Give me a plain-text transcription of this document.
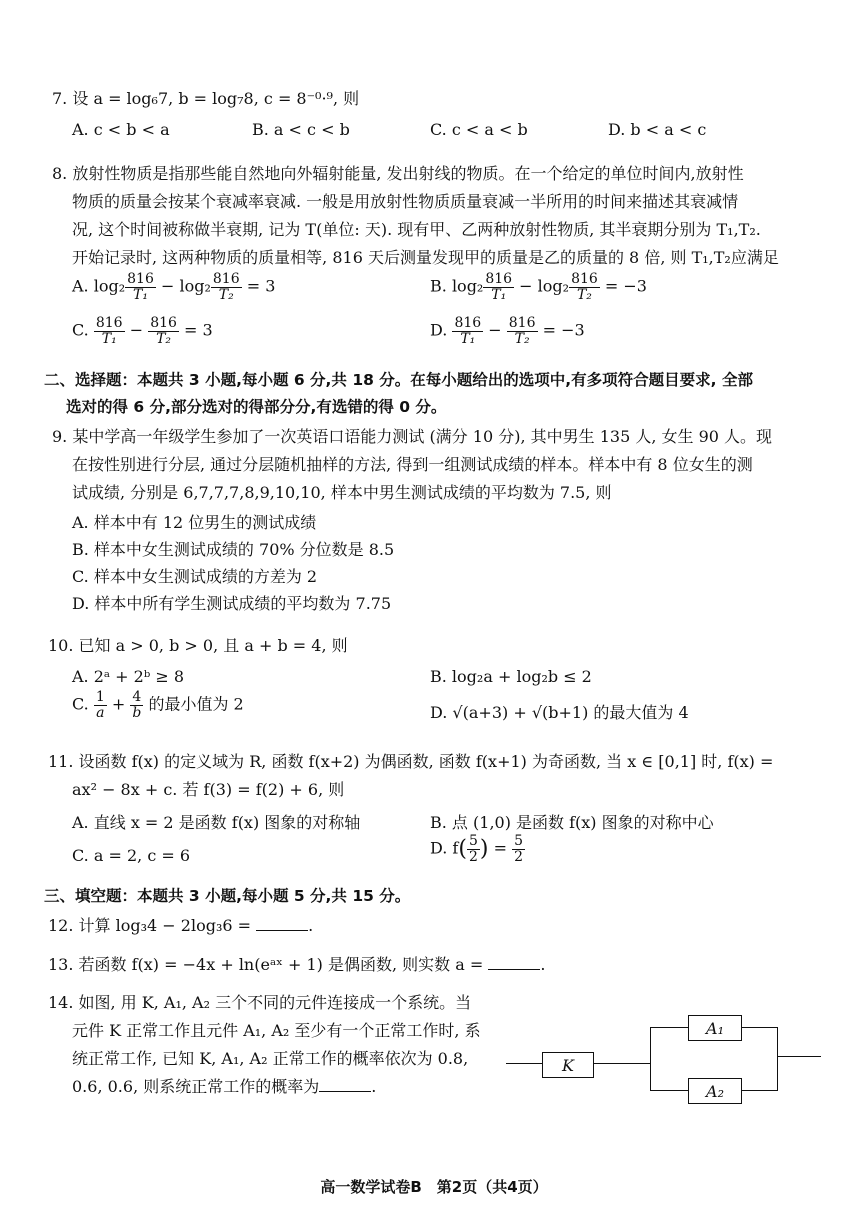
7. 设 a = log₆7, b = log₇8, c = 8⁻⁰·⁹, 则
A. c < b < a	B. a < c < b	C. c < a < b	D. b < a < c
8. 放射性物质是指那些能自然地向外辐射能量, 发出射线的物质。在一个给定的单位时间内,放射性
物质的质量会按某个衰减率衰减. 一般是用放射性物质质量衰减一半所用的时间来描述其衰减情
况, 这个时间被称做半衰期, 记为 T(单位: 天). 现有甲、乙两种放射性物质, 其半衰期分别为 T₁,T₂.
开始记录时, 这两种物质的质量相等, 816 天后测量发现甲的质量是乙的质量的 8 倍, 则 T₁,T₂应满足
A. $\log_2 \frac{816}{\text{T₁}} - \log_2 \frac{816}{\text{T₂}} = 3$	B. $\log_2 \frac{816}{\text{T₁}} - \log_2 \frac{816}{\text{T₂}} = -3$
C. $\frac{816}{\text{T₁}} - \frac{816}{\text{T₂}} = 3$	D. $\frac{816}{\text{T₁}} - \frac{816}{\text{T₂}} = -3$
二、选择题：本题共 3 小题,每小题 6 分,共 18 分。在每小题给出的选项中,有多项符合题目要求, 全部
选对的得 6 分,部分选对的得部分分,有选错的得 0 分。
9. 某中学高一年级学生参加了一次英语口语能力测试 (满分 10 分), 其中男生 135 人, 女生 90 人。现
在按性别进行分层, 通过分层随机抽样的方法, 得到一组测试成绩的样本。样本中有 8 位女生的测
试成绩, 分别是 6,7,7,7,8,9,10,10, 样本中男生测试成绩的平均数为 7.5, 则
A. 样本中有 12 位男生的测试成绩
B. 样本中女生测试成绩的 70% 分位数是 8.5
C. 样本中女生测试成绩的方差为 2
D. 样本中所有学生测试成绩的平均数为 7.75
10. 已知 a > 0, b > 0, 且 a + b = 4, 则
A. 2ᵃ + 2ᵇ ≥ 8	B. log₂a + log₂b ≤ 2
C. $\frac{1}{a} + \frac{4}{b}$ 的最小值为 2	D. √(a+3) + √(b+1) 的最大值为 4
11. 设函数 f(x) 的定义域为 R, 函数 f(x+2) 为偶函数, 函数 f(x+1) 为奇函数, 当 x ∈ [0,1] 时, f(x) =
ax² − 8x + c. 若 f(3) = f(2) + 6, 则
A. 直线 x = 2 是函数 f(x) 图象的对称轴	B. 点 (1,0) 是函数 f(x) 图象的对称中心
C. a = 2, c = 6	D. $f( \frac{5}{2}$ ) = $\frac{5}{2}$
三、填空题：本题共 3 小题,每小题 5 分,共 15 分。
12. 计算 log₃4 − 2log₃6 =	.
13. 若函数 f(x) = −4x + ln(eᵃˣ + 1) 是偶函数, 则实数 a =	.
14. 如图, 用 K, A₁, A₂ 三个不同的元件连接成一个系统。当
元件 K 正常工作且元件 A₁, A₂ 至少有一个正常工作时, 系
统正常工作, 已知 K, A₁, A₂ 正常工作的概率依次为 0.8,
0.6, 0.6, 则系统正常工作的概率为	.
K
A₁
A₂
高一数学试卷B　第2页（共4页）
